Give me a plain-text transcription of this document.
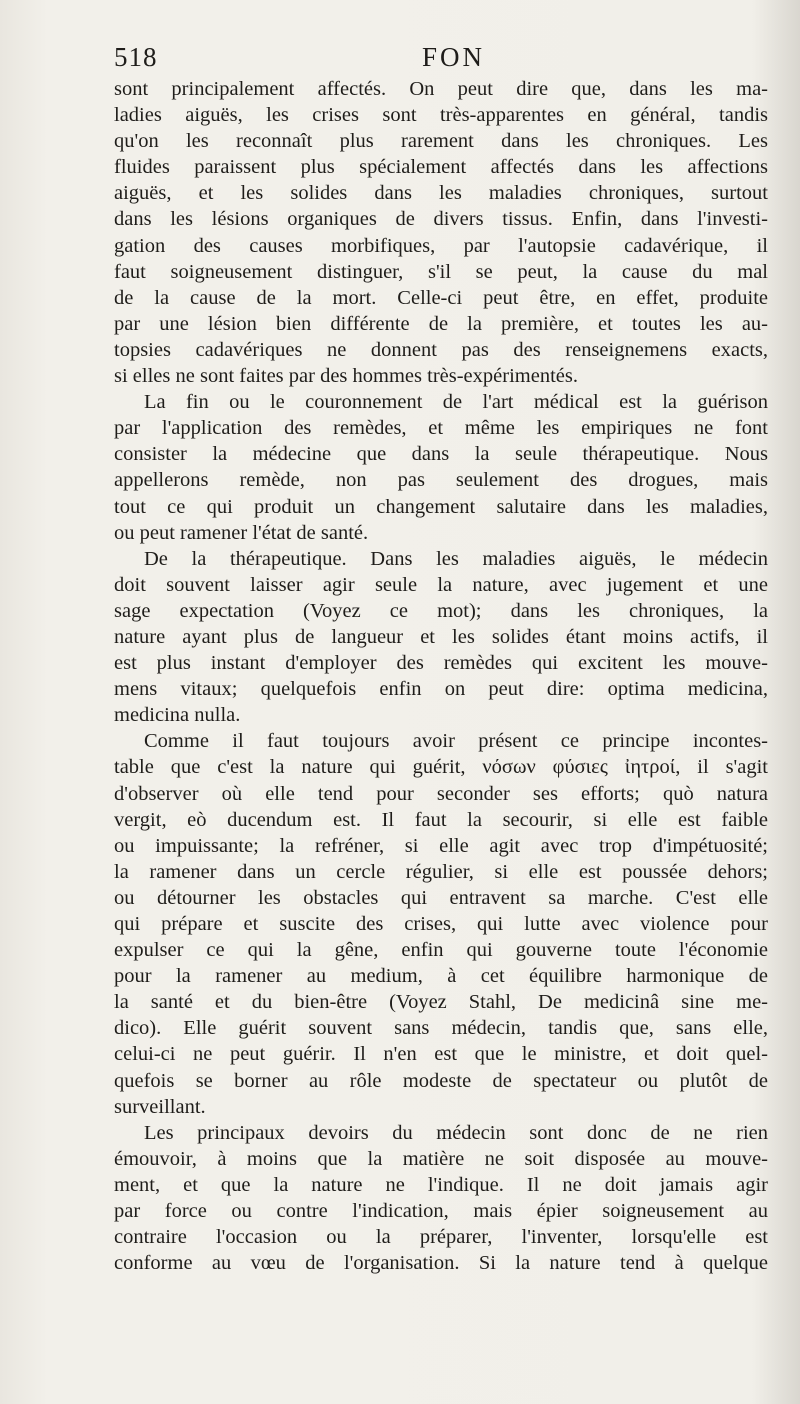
518	FON
sont principalement affectés. On peut dire que, dans les ma-
ladies aiguës, les crises sont très-apparentes en général, tandis
qu'on les reconnaît plus rarement dans les chroniques. Les
fluides paraissent plus spécialement affectés dans les affections
aiguës, et les solides dans les maladies chroniques, surtout
dans les lésions organiques de divers tissus. Enfin, dans l'investi-
gation des causes morbifiques, par l'autopsie cadavérique, il
faut soigneusement distinguer, s'il se peut, la cause du mal
de la cause de la mort. Celle-ci peut être, en effet, produite
par une lésion bien différente de la première, et toutes les au-
topsies cadavériques ne donnent pas des renseignemens exacts,
si elles ne sont faites par des hommes très-expérimentés.
La fin ou le couronnement de l'art médical est la guérison
par l'application des remèdes, et même les empiriques ne font
consister la médecine que dans la seule thérapeutique. Nous
appellerons remède, non pas seulement des drogues, mais
tout ce qui produit un changement salutaire dans les maladies,
ou peut ramener l'état de santé.
De la thérapeutique. Dans les maladies aiguës, le médecin
doit souvent laisser agir seule la nature, avec jugement et une
sage expectation (Voyez ce mot); dans les chroniques, la
nature ayant plus de langueur et les solides étant moins actifs, il
est plus instant d'employer des remèdes qui excitent les mouve-
mens vitaux; quelquefois enfin on peut dire: optima medicina,
medicina nulla.
Comme il faut toujours avoir présent ce principe incontes-
table que c'est la nature qui guérit, νόσων φύσιες ἰητροί, il s'agit
d'observer où elle tend pour seconder ses efforts; quò natura
vergit, eò ducendum est. Il faut la secourir, si elle est faible
ou impuissante; la refréner, si elle agit avec trop d'impétuosité;
la ramener dans un cercle régulier, si elle est poussée dehors;
ou détourner les obstacles qui entravent sa marche. C'est elle
qui prépare et suscite des crises, qui lutte avec violence pour
expulser ce qui la gêne, enfin qui gouverne toute l'économie
pour la ramener au medium, à cet équilibre harmonique de
la santé et du bien-être (Voyez Stahl, De medicinâ sine me-
dico). Elle guérit souvent sans médecin, tandis que, sans elle,
celui-ci ne peut guérir. Il n'en est que le ministre, et doit quel-
quefois se borner au rôle modeste de spectateur ou plutôt de
surveillant.
Les principaux devoirs du médecin sont donc de ne rien
émouvoir, à moins que la matière ne soit disposée au mouve-
ment, et que la nature ne l'indique. Il ne doit jamais agir
par force ou contre l'indication, mais épier soigneusement au
contraire l'occasion ou la préparer, l'inventer, lorsqu'elle est
conforme au vœu de l'organisation. Si la nature tend à quelque
